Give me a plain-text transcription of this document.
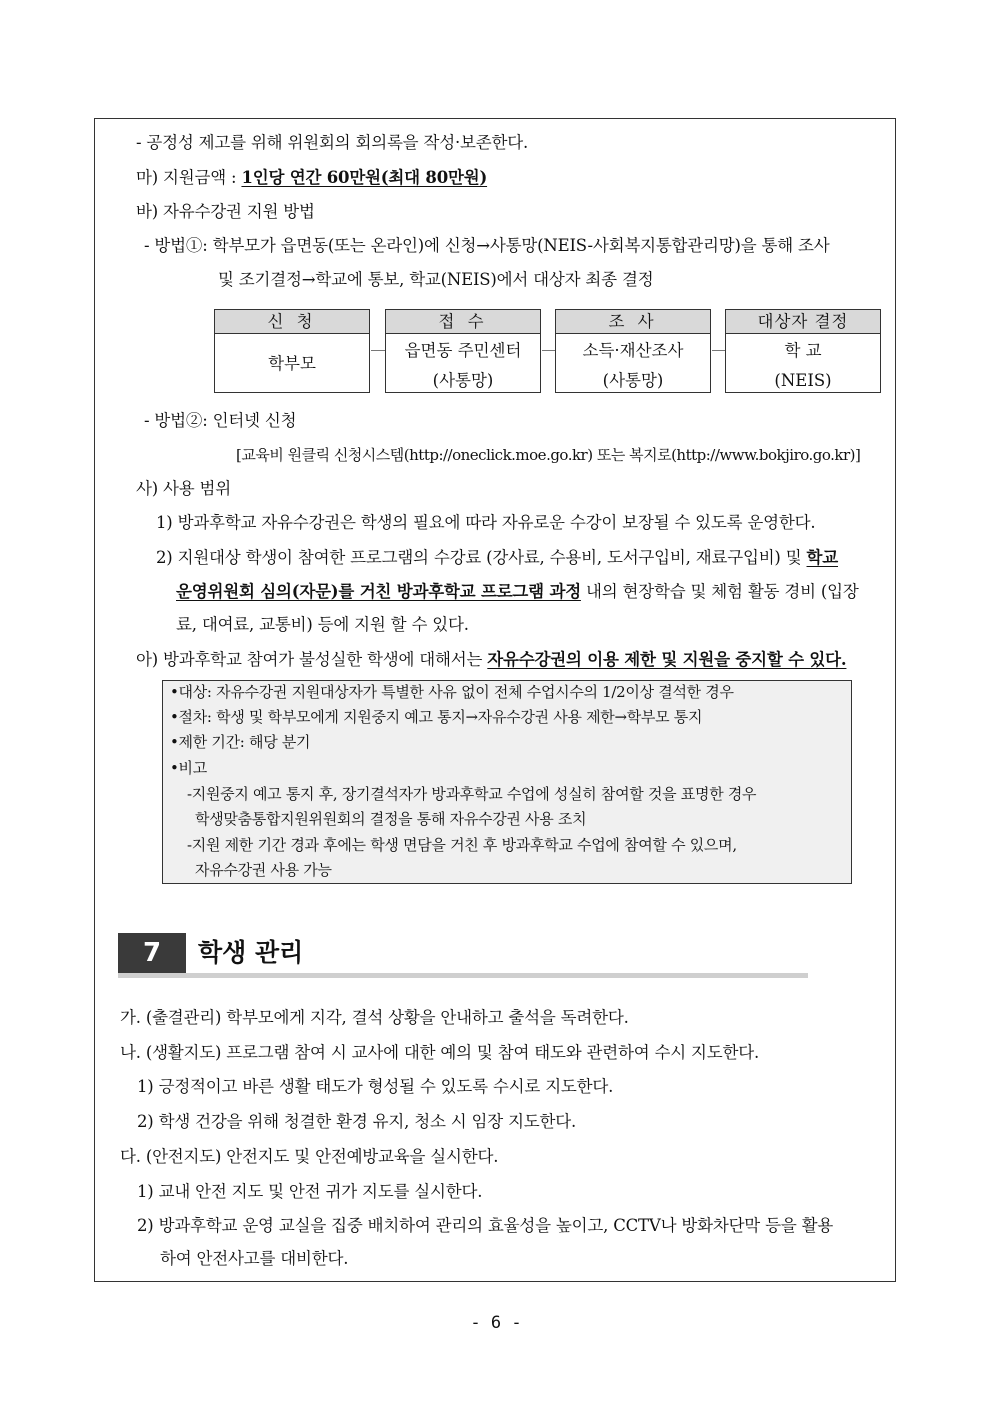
- 공정성 제고를 위해 위원회의 회의록을 작성·보존한다.
마) 지원금액 : 1인당 연간 60만원(최대 80만원)
바) 자유수강권 지원 방법
- 방법①: 학부모가 읍면동(또는 온라인)에 신청→사통망(NEIS-사회복지통합관리망)을 통해 조사
및 조기결정→학교에 통보, 학교(NEIS)에서 대상자 최종 결정
신 청
학부모
접 수
읍면동 주민센터
(사통망)
조 사
소득·재산조사
(사통망)
대상자 결정
학 교
(NEIS)
- 방법②: 인터넷 신청
[교육비 원클릭 신청시스템(http://oneclick.moe.go.kr) 또는 복지로(http://www.bokjiro.go.kr)]
사) 사용 범위
1) 방과후학교 자유수강권은 학생의 필요에 따라 자유로운 수강이 보장될 수 있도록 운영한다.
2) 지원대상 학생이 참여한 프로그램의 수강료 (강사료, 수용비, 도서구입비, 재료구입비) 및 학교
운영위원회 심의(자문)를 거친 방과후학교 프로그램 과정 내의 현장학습 및 체험 활동 경비 (입장
료, 대여료, 교통비) 등에 지원 할 수 있다.
아) 방과후학교 참여가 불성실한 학생에 대해서는 자유수강권의 이용 제한 및 지원을 중지할 수 있다.
•대상: 자유수강권 지원대상자가 특별한 사유 없이 전체 수업시수의 1/2이상 결석한 경우
•절차: 학생 및 학부모에게 지원중지 예고 통지→자유수강권 사용 제한→학부모 통지
•제한 기간: 해당 분기
•비고
-지원중지 예고 통지 후, 장기결석자가 방과후학교 수업에 성실히 참여할 것을 표명한 경우
학생맞춤통합지원위원회의 결정을 통해 자유수강권 사용 조치
-지원 제한 기간 경과 후에는 학생 면담을 거친 후 방과후학교 수업에 참여할 수 있으며,
자유수강권 사용 가능
7	학생 관리
가. (출결관리) 학부모에게 지각, 결석 상황을 안내하고 출석을 독려한다.
나. (생활지도) 프로그램 참여 시 교사에 대한 예의 및 참여 태도와 관련하여 수시 지도한다.
1) 긍정적이고 바른 생활 태도가 형성될 수 있도록 수시로 지도한다.
2) 학생 건강을 위해 청결한 환경 유지, 청소 시 임장 지도한다.
다. (안전지도) 안전지도 및 안전예방교육을 실시한다.
1) 교내 안전 지도 및 안전 귀가 지도를 실시한다.
2) 방과후학교 운영 교실을 집중 배치하여 관리의 효율성을 높이고, CCTV나 방화차단막 등을 활용
하여 안전사고를 대비한다.
- 6 -
